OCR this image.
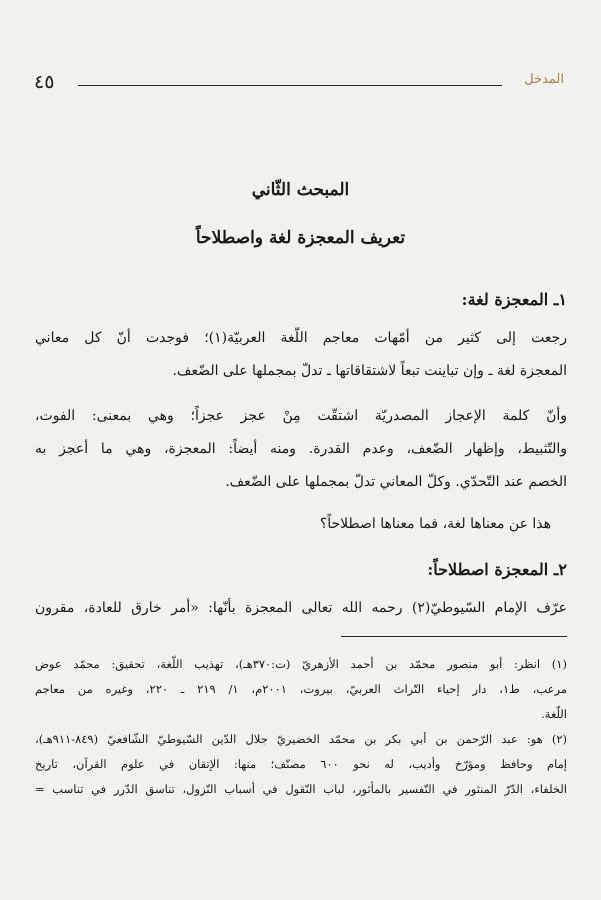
٤٥	المدخل
المبحث الثّاني
تعريف المعجزة لغة واصطلاحاً
١ـ المعجزة لغة:
رجعت إلى كثير من أمّهات معاجم اللّغة العربيّة(١)؛ فوجدت أنّ كل معاني
المعجزة لغة ـ وإن تباينت تبعاً لاشتقاقاتها ـ تدلّ بمجملها على الضّعف.
وأنّ كلمة الإعجاز المصدريّة اشتقّت مِنْ عجز عجزاً؛ وهي بمعنى: الفوت،
والتّثبيط، وإظهار الضّعف، وعدم القدرة. ومنه أيضاً: المعجزة، وهي ما أعجز به
الخصم عند التّحدّي. وكلّ المعاني تدلّ بمجملها على الضّعف.
هذا عن معناها لغة، فما معناها اصطلاحاً؟
٢ـ المعجزة اصطلاحاً:
عرّف الإمام السّيوطيّ(٢) رحمه الله تعالى المعجزة بأنّها: «أمر خارق للعادة، مقرون
(١) انظر: أبو منصور محمّد بن أحمد الأزهريّ (ت:٣٧٠هـ)، تهذيب اللّغة، تحقيق: محمّد عوض
مرعب، ط١، دار إحياء التّراث العربيّ، بيروت، ٢٠٠١م، ١/ ٢١٩ ـ ٢٢٠، وغيره من معاجم
اللّغة.
(٢) هو: عبد الرّحمن بن أبي بكر بن محمّد الخضيريّ جلال الدّين السّيوطيّ الشّافعيّ (٨٤٩-٩١١هـ)،
إمام وحافظ ومؤرّخ وأديب، له نحو ٦٠٠ مصنّف؛ منها: الإتقان في علوم القرآن، تاريخ
الخلفاء، الدّرّ المنثور في التّفسير بالمأثور، لباب النّقول في أسباب النّزول، تناسق الدّرر في تناسب =
